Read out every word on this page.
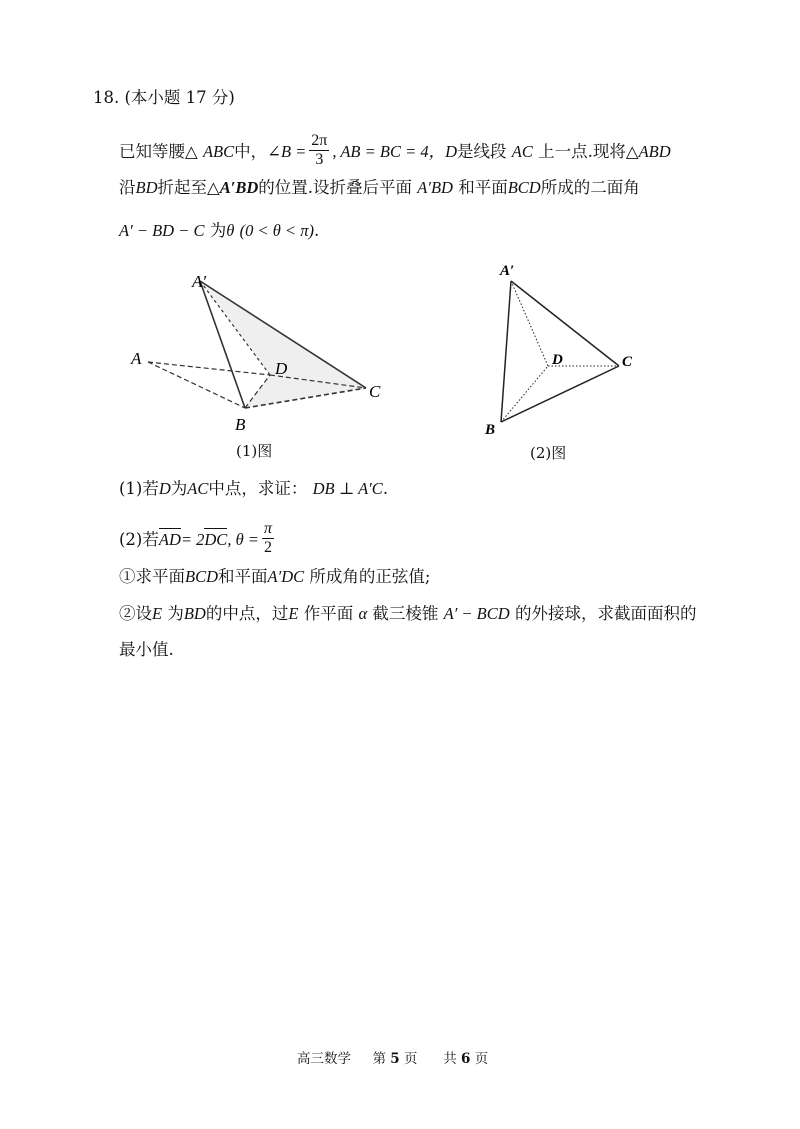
18. (本小题 17 分)
已知等腰△ ABC中，∠B = $\frac{2\pi}{3}$ , AB = BC = 4，D是线段 AC 上一点.现将△ABD
沿BD折起至△A′BD的位置.设折叠后平面 A′BD 和平面BCD所成的二面角
A′ − BD − C 为θ (0 < θ < π).
A′
A
D
B
C
(1)图
A′
D	C
B
(2)图
(1)若D为AC中点，求证： DB ⊥ A′C.
(2)若AD= 2DC, $\theta = \frac{\pi}{2}$
①求平面BCD和平面A′DC 所成角的正弦值;
②设E 为BD的中点，过E 作平面 α 截三棱锥 A′ − BCD 的外接球，求截面面积的
最小值.
高三数学 第 5 页 共 6 页
